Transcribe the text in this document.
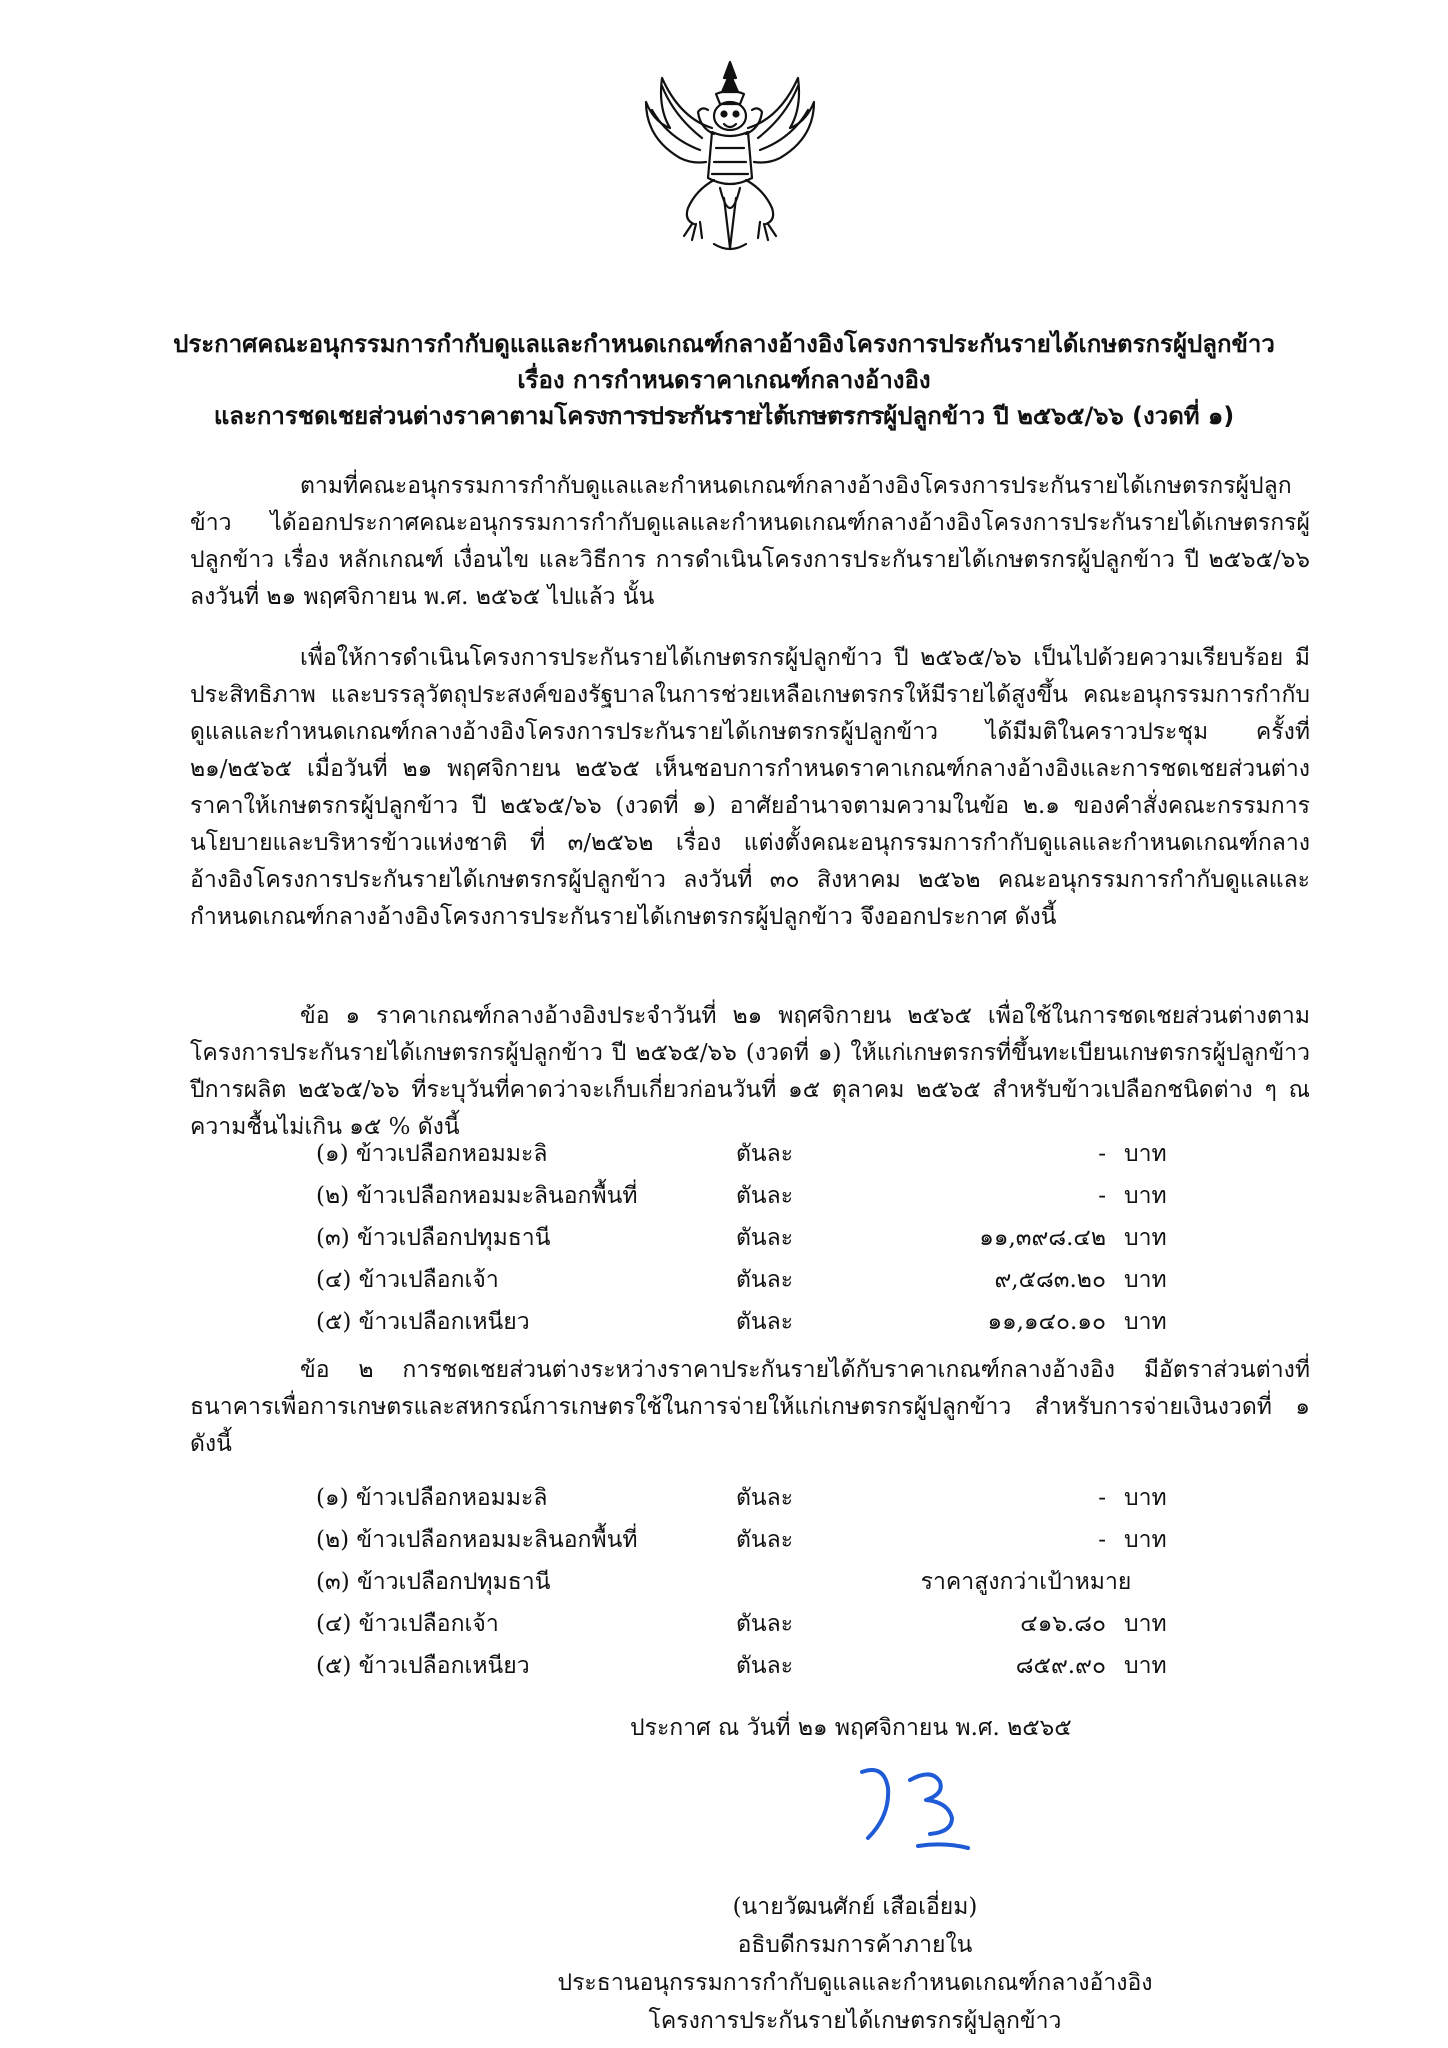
ประกาศคณะอนุกรรมการกำกับดูแลและกำหนดเกณฑ์กลางอ้างอิงโครงการประกันรายได้เกษตรกรผู้ปลูกข้าว
เรื่อง การกำหนดราคาเกณฑ์กลางอ้างอิง
และการชดเชยส่วนต่างราคาตามโครงการประกันรายได้เกษตรกรผู้ปลูกข้าว ปี ๒๕๖๕/๖๖ (งวดที่ ๑)

ตามที่คณะอนุกรรมการกำกับดูแลและกำหนดเกณฑ์กลางอ้างอิงโครงการประกันรายได้เกษตรกรผู้ปลูกข้าว ได้ออกประกาศคณะอนุกรรมการกำกับดูแลและกำหนดเกณฑ์กลางอ้างอิงโครงการประกันรายได้เกษตรกรผู้ปลูกข้าว เรื่อง หลักเกณฑ์ เงื่อนไข และวิธีการ การดำเนินโครงการประกันรายได้เกษตรกรผู้ปลูกข้าว ปี ๒๕๖๕/๖๖ ลงวันที่ ๒๑ พฤศจิกายน พ.ศ. ๒๕๖๕ ไปแล้ว นั้น

เพื่อให้การดำเนินโครงการประกันรายได้เกษตรกรผู้ปลูกข้าว ปี ๒๕๖๕/๖๖ เป็นไปด้วยความเรียบร้อย มีประสิทธิภาพ และบรรลุวัตถุประสงค์ของรัฐบาลในการช่วยเหลือเกษตรกรให้มีรายได้สูงขึ้น คณะอนุกรรมการกำกับดูแลและกำหนดเกณฑ์กลางอ้างอิงโครงการประกันรายได้เกษตรกรผู้ปลูกข้าว ได้มีมติในคราวประชุม ครั้งที่ ๒๑/๒๕๖๕ เมื่อวันที่ ๒๑ พฤศจิกายน ๒๕๖๕ เห็นชอบการกำหนดราคาเกณฑ์กลางอ้างอิงและการชดเชยส่วนต่างราคาให้เกษตรกรผู้ปลูกข้าว ปี ๒๕๖๕/๖๖ (งวดที่ ๑) อาศัยอำนาจตามความในข้อ ๒.๑ ของคำสั่งคณะกรรมการนโยบายและบริหารข้าวแห่งชาติ ที่ ๓/๒๕๖๒ เรื่อง แต่งตั้งคณะอนุกรรมการกำกับดูแลและกำหนดเกณฑ์กลางอ้างอิงโครงการประกันรายได้เกษตรกรผู้ปลูกข้าว ลงวันที่ ๓๐ สิงหาคม ๒๕๖๒ คณะอนุกรรมการกำกับดูแลและกำหนดเกณฑ์กลางอ้างอิงโครงการประกันรายได้เกษตรกรผู้ปลูกข้าว จึงออกประกาศ ดังนี้

ข้อ ๑ ราคาเกณฑ์กลางอ้างอิงประจำวันที่ ๒๑ พฤศจิกายน ๒๕๖๕ เพื่อใช้ในการชดเชยส่วนต่างตามโครงการประกันรายได้เกษตรกรผู้ปลูกข้าว ปี ๒๕๖๕/๖๖ (งวดที่ ๑) ให้แก่เกษตรกรที่ขึ้นทะเบียนเกษตรกรผู้ปลูกข้าว ปีการผลิต ๒๕๖๕/๖๖ ที่ระบุวันที่คาดว่าจะเก็บเกี่ยวก่อนวันที่ ๑๕ ตุลาคม ๒๕๖๕ สำหรับข้าวเปลือกชนิดต่าง ๆ ณ ความชื้นไม่เกิน ๑๕ % ดังนี้

(๑) ข้าวเปลือกหอมมะลิ	ตันละ	- บาท
(๒) ข้าวเปลือกหอมมะลินอกพื้นที่	ตันละ	- บาท
(๓) ข้าวเปลือกปทุมธานี	ตันละ	๑๑,๓๙๘.๔๒ บาท
(๔) ข้าวเปลือกเจ้า	ตันละ	๙,๕๘๓.๒๐ บาท
(๕) ข้าวเปลือกเหนียว	ตันละ	๑๑,๑๔๐.๑๐ บาท

ข้อ ๒ การชดเชยส่วนต่างระหว่างราคาประกันรายได้กับราคาเกณฑ์กลางอ้างอิง มีอัตราส่วนต่างที่ธนาคารเพื่อการเกษตรและสหกรณ์การเกษตรใช้ในการจ่ายให้แก่เกษตรกรผู้ปลูกข้าว สำหรับการจ่ายเงินงวดที่ ๑ ดังนี้

(๑) ข้าวเปลือกหอมมะลิ	ตันละ	- บาท
(๒) ข้าวเปลือกหอมมะลินอกพื้นที่	ตันละ	- บาท
(๓) ข้าวเปลือกปทุมธานี	ราคาสูงกว่าเป้าหมาย
(๔) ข้าวเปลือกเจ้า	ตันละ	๔๑๖.๘๐ บาท
(๕) ข้าวเปลือกเหนียว	ตันละ	๘๕๙.๙๐ บาท
ประกาศ ณ วันที่ ๒๑ พฤศจิกายน พ.ศ. ๒๕๖๕
(นายวัฒนศักย์ เสือเอี่ยม)
อธิบดีกรมการค้าภายใน
ประธานอนุกรรมการกำกับดูแลและกำหนดเกณฑ์กลางอ้างอิง
โครงการประกันรายได้เกษตรกรผู้ปลูกข้าว
